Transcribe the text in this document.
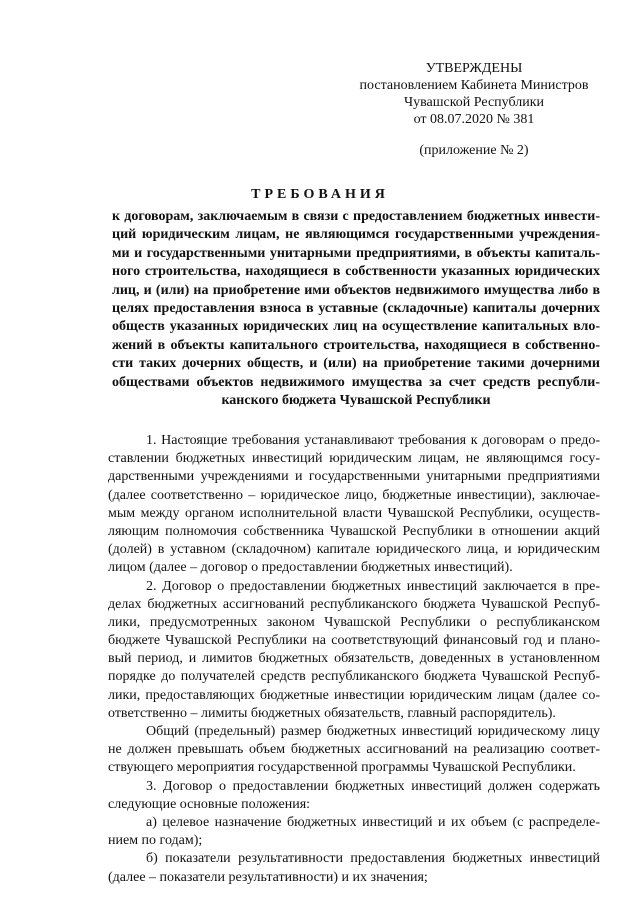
УТВЕРЖДЕНЫ
постановлением Кабинета Министров
Чувашской Республики
от 08.07.2020 № 381
(приложение № 2)
ТРЕБОВАНИЯ
к договорам, заключаемым в связи с предоставлением бюджетных инвести-
ций юридическим лицам, не являющимся государственными учреждения-
ми и государственными унитарными предприятиями, в объекты капиталь-
ного строительства, находящиеся в собственности указанных юридических
лиц, и (или) на приобретение ими объектов недвижимого имущества либо в
целях предоставления взноса в уставные (складочные) капиталы дочерних
обществ указанных юридических лиц на осуществление капитальных вло-
жений в объекты капитального строительства, находящиеся в собственно-
сти таких дочерних обществ, и (или) на приобретение такими дочерними
обществами объектов недвижимого имущества за счет средств республи-
канского бюджета Чувашской Республики
1. Настоящие требования устанавливают требования к договорам о предо-
ставлении бюджетных инвестиций юридическим лицам, не являющимся госу-
дарственными учреждениями и государственными унитарными предприятиями
(далее соответственно – юридическое лицо, бюджетные инвестиции), заключае-
мым между органом исполнительной власти Чувашской Республики, осуществ-
ляющим полномочия собственника Чувашской Республики в отношении акций
(долей) в уставном (складочном) капитале юридического лица, и юридическим
лицом (далее – договор о предоставлении бюджетных инвестиций).
2. Договор о предоставлении бюджетных инвестиций заключается в пре-
делах бюджетных ассигнований республиканского бюджета Чувашской Респуб-
лики, предусмотренных законом Чувашской Республики о республиканском
бюджете Чувашской Республики на соответствующий финансовый год и плано-
вый период, и лимитов бюджетных обязательств, доведенных в установленном
порядке до получателей средств республиканского бюджета Чувашской Респуб-
лики, предоставляющих бюджетные инвестиции юридическим лицам (далее со-
ответственно – лимиты бюджетных обязательств, главный распорядитель).
Общий (предельный) размер бюджетных инвестиций юридическому лицу
не должен превышать объем бюджетных ассигнований на реализацию соответ-
ствующего мероприятия государственной программы Чувашской Республики.
3. Договор о предоставлении бюджетных инвестиций должен содержать
следующие основные положения:
а) целевое назначение бюджетных инвестиций и их объем (с распределе-
нием по годам);
б) показатели результативности предоставления бюджетных инвестиций
(далее – показатели результативности) и их значения;
